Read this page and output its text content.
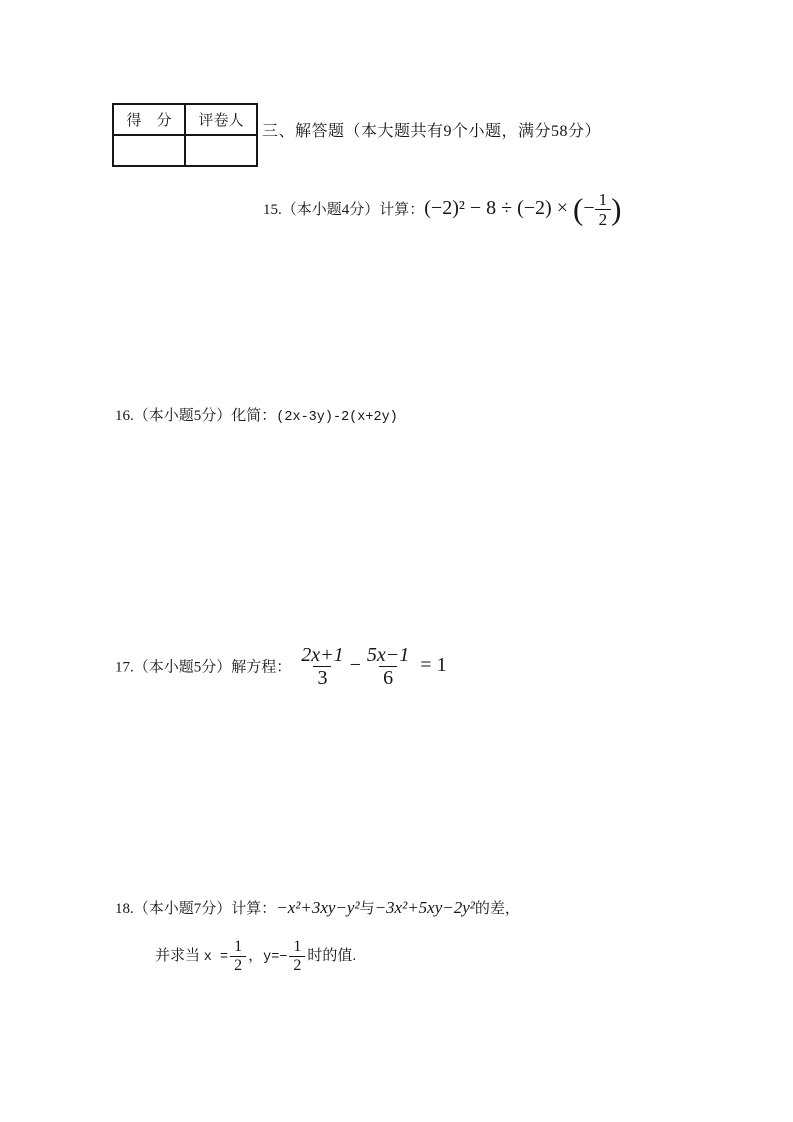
得　分	评卷人

三、解答题（本大题共有9个小题，满分58分）
15.（本小题4分）计算：(−2)² − 8 ÷ (−2) × (− $\frac{1}{2}$ )
16.（本小题5分）化简：(2x-3y)-2(x+2y)
17.（本小题5分）解方程： $\frac{2x+1}{3} - \frac{5x-1}{6} = 1$
18.（本小题7分）计算：−x²+3xy−y²与−3x²+5xy−2y²的差，
并求当 $x = \frac{1}{2}$ ，$y=- \frac{1}{2}$ 时的值.
